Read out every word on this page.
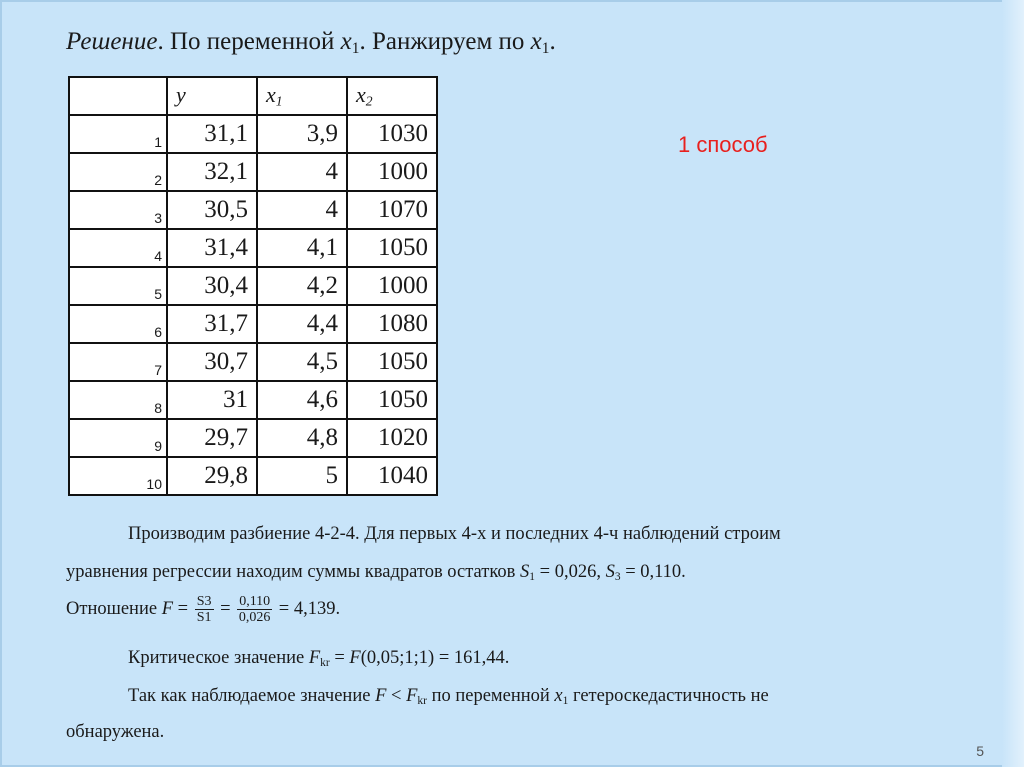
Решение. По переменной $x_1$. Ранжируем по $x_1$.
1 способ
	y	$x_1$	$x_2$
1	31,1	3,9	1030
2	32,1	4	1000
3	30,5	4	1070
4	31,4	4,1	1050
5	30,4	4,2	1000
6	31,7	4,4	1080
7	30,7	4,5	1050
8	31	4,6	1050
9	29,7	4,8	1020
10	29,8	5	1040
Производим разбиение 4-2-4. Для первых 4-х и последних 4-ч наблюдений строим
уравнения регрессии находим суммы квадратов остатков $S_1 = 0,026$, $S_3 = 0,110$.
Отношение $F = \frac{S3}{S1} = \frac{0,110}{0,026} = 4,139$.
Критическое значение $F_{kr}$ = F(0,05;1;1) = 161,44.
Так как наблюдаемое значение $F < F_{kr}$ по переменной $x_1$ гетероскедастичность не
обнаружена.
5
